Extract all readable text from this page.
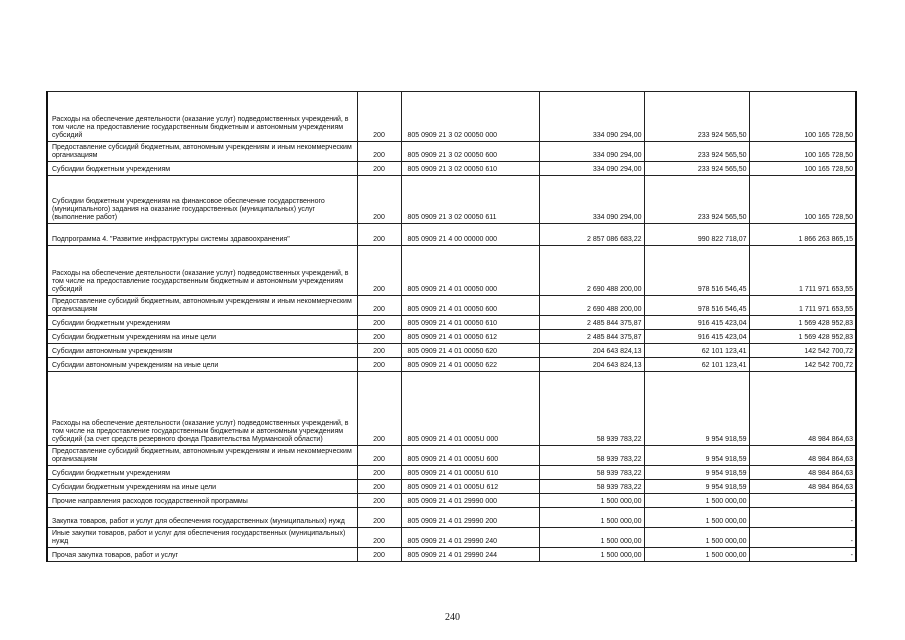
Расходы на обеспечение деятельности (оказание услуг) подведомственных учреждений, в том числе на предоставление государственным бюджетным и автономным учреждениям субсидий	200	805 0909 21 3 02 00050 000	334 090 294,00	233 924 565,50	100 165 728,50
Предоставление субсидий бюджетным, автономным учреждениям и иным некоммерческим организациям	200	805 0909 21 3 02 00050 600	334 090 294,00	233 924 565,50	100 165 728,50
Субсидии бюджетным учреждениям	200	805 0909 21 3 02 00050 610	334 090 294,00	233 924 565,50	100 165 728,50
Субсидии бюджетным учреждениям на финансовое обеспечение государственного (муниципального) задания на оказание государственных (муниципальных) услуг (выполнение работ)	200	805 0909 21 3 02 00050 611	334 090 294,00	233 924 565,50	100 165 728,50
Подпрограмма 4. "Развитие инфраструктуры системы здравоохранения"	200	805 0909 21 4 00 00000 000	2 857 086 683,22	990 822 718,07	1 866 263 865,15
Расходы на обеспечение деятельности (оказание услуг) подведомственных учреждений, в том числе на предоставление государственным бюджетным и автономным учреждениям субсидий	200	805 0909 21 4 01 00050 000	2 690 488 200,00	978 516 546,45	1 711 971 653,55
Предоставление субсидий бюджетным, автономным учреждениям и иным некоммерческим организациям	200	805 0909 21 4 01 00050 600	2 690 488 200,00	978 516 546,45	1 711 971 653,55
Субсидии бюджетным учреждениям	200	805 0909 21 4 01 00050 610	2 485 844 375,87	916 415 423,04	1 569 428 952,83
Субсидии бюджетным учреждениям на иные цели	200	805 0909 21 4 01 00050 612	2 485 844 375,87	916 415 423,04	1 569 428 952,83
Субсидии автономным учреждениям	200	805 0909 21 4 01 00050 620	204 643 824,13	62 101 123,41	142 542 700,72
Субсидии автономным учреждениям на иные цели	200	805 0909 21 4 01 00050 622	204 643 824,13	62 101 123,41	142 542 700,72
Расходы на обеспечение деятельности (оказание услуг) подведомственных учреждений, в том числе на предоставление государственным бюджетным и автономным учреждениям субсидий (за счет средств резервного фонда Правительства Мурманской области)	200	805 0909 21 4 01 0005U 000	58 939 783,22	9 954 918,59	48 984 864,63
Предоставление субсидий бюджетным, автономным учреждениям и иным некоммерческим организациям	200	805 0909 21 4 01 0005U 600	58 939 783,22	9 954 918,59	48 984 864,63
Субсидии бюджетным учреждениям	200	805 0909 21 4 01 0005U 610	58 939 783,22	9 954 918,59	48 984 864,63
Субсидии бюджетным учреждениям на иные цели	200	805 0909 21 4 01 0005U 612	58 939 783,22	9 954 918,59	48 984 864,63
Прочие направления расходов государственной программы	200	805 0909 21 4 01 29990 000	1 500 000,00	1 500 000,00	-
Закупка товаров, работ и услуг для обеспечения государственных (муниципальных) нужд	200	805 0909 21 4 01 29990 200	1 500 000,00	1 500 000,00	-
Иные закупки товаров, работ и услуг для обеспечения государственных (муниципальных) нужд	200	805 0909 21 4 01 29990 240	1 500 000,00	1 500 000,00	-
Прочая закупка товаров, работ и услуг	200	805 0909 21 4 01 29990 244	1 500 000,00	1 500 000,00	-
240
